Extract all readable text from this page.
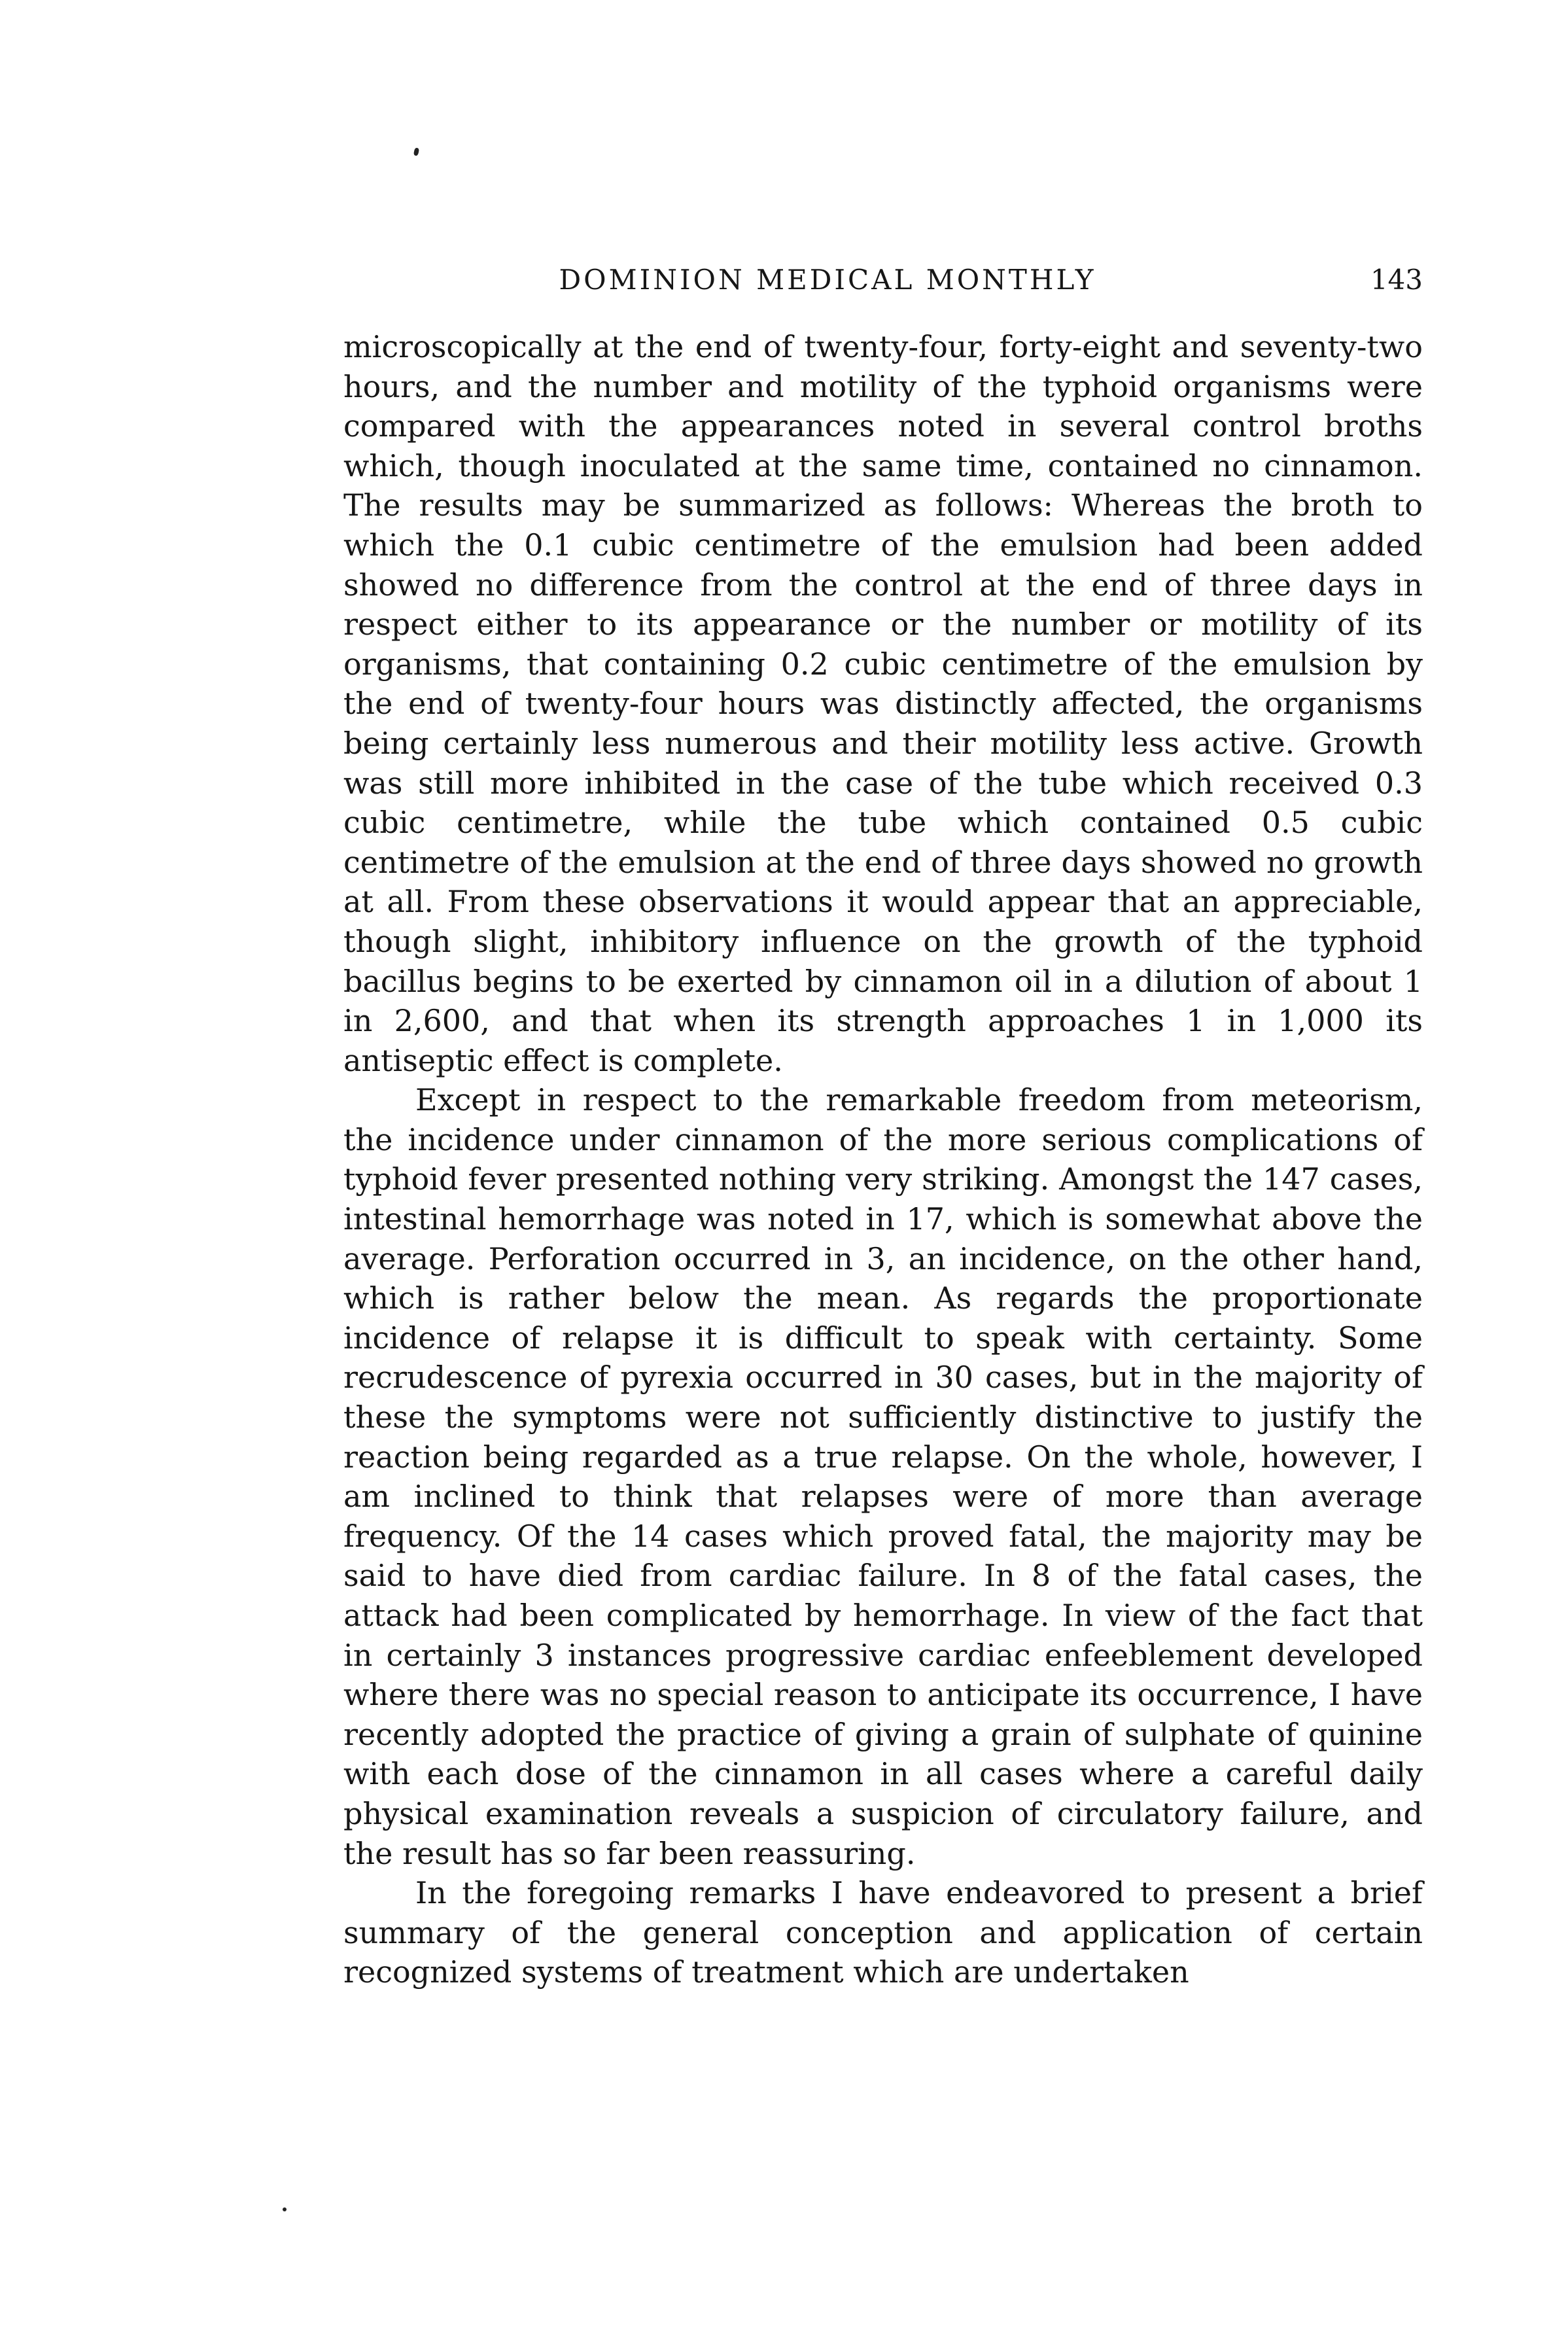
DOMINION MEDICAL MONTHLY	143

microscopically at the end of twenty-four, forty-eight and seventy-two hours, and the number and motility of the typhoid organisms were compared with the appearances noted in several control broths which, though inoculated at the same time, contained no cinnamon. The results may be summarized as follows: Whereas the broth to which the 0.1 cubic centimetre of the emulsion had been added showed no difference from the control at the end of three days in respect either to its appearance or the number or motility of its organisms, that containing 0.2 cubic centimetre of the emulsion by the end of twenty-four hours was distinctly affected, the organisms being certainly less numerous and their motility less active. Growth was still more inhibited in the case of the tube which received 0.3 cubic centimetre, while the tube which contained 0.5 cubic centimetre of the emulsion at the end of three days showed no growth at all. From these observations it would appear that an appreciable, though slight, inhibitory influence on the growth of the typhoid bacillus begins to be exerted by cinnamon oil in a dilution of about 1 in 2,600, and that when its strength approaches 1 in 1,000 its antiseptic effect is complete.

Except in respect to the remarkable freedom from meteorism, the incidence under cinnamon of the more serious complications of typhoid fever presented nothing very striking. Amongst the 147 cases, intestinal hemorrhage was noted in 17, which is somewhat above the average. Perforation occurred in 3, an incidence, on the other hand, which is rather below the mean. As regards the proportionate incidence of relapse it is difficult to speak with certainty. Some recrudescence of pyrexia occurred in 30 cases, but in the majority of these the symptoms were not sufficiently distinctive to justify the reaction being regarded as a true relapse. On the whole, however, I am inclined to think that relapses were of more than average frequency. Of the 14 cases which proved fatal, the majority may be said to have died from cardiac failure. In 8 of the fatal cases, the attack had been complicated by hemorrhage. In view of the fact that in certainly 3 instances progressive cardiac enfeeblement developed where there was no special reason to anticipate its occurrence, I have recently adopted the practice of giving a grain of sulphate of quinine with each dose of the cinnamon in all cases where a careful daily physical examination reveals a suspicion of circulatory failure, and the result has so far been reassuring.

In the foregoing remarks I have endeavored to present a brief summary of the general conception and application of certain recognized systems of treatment which are undertaken
